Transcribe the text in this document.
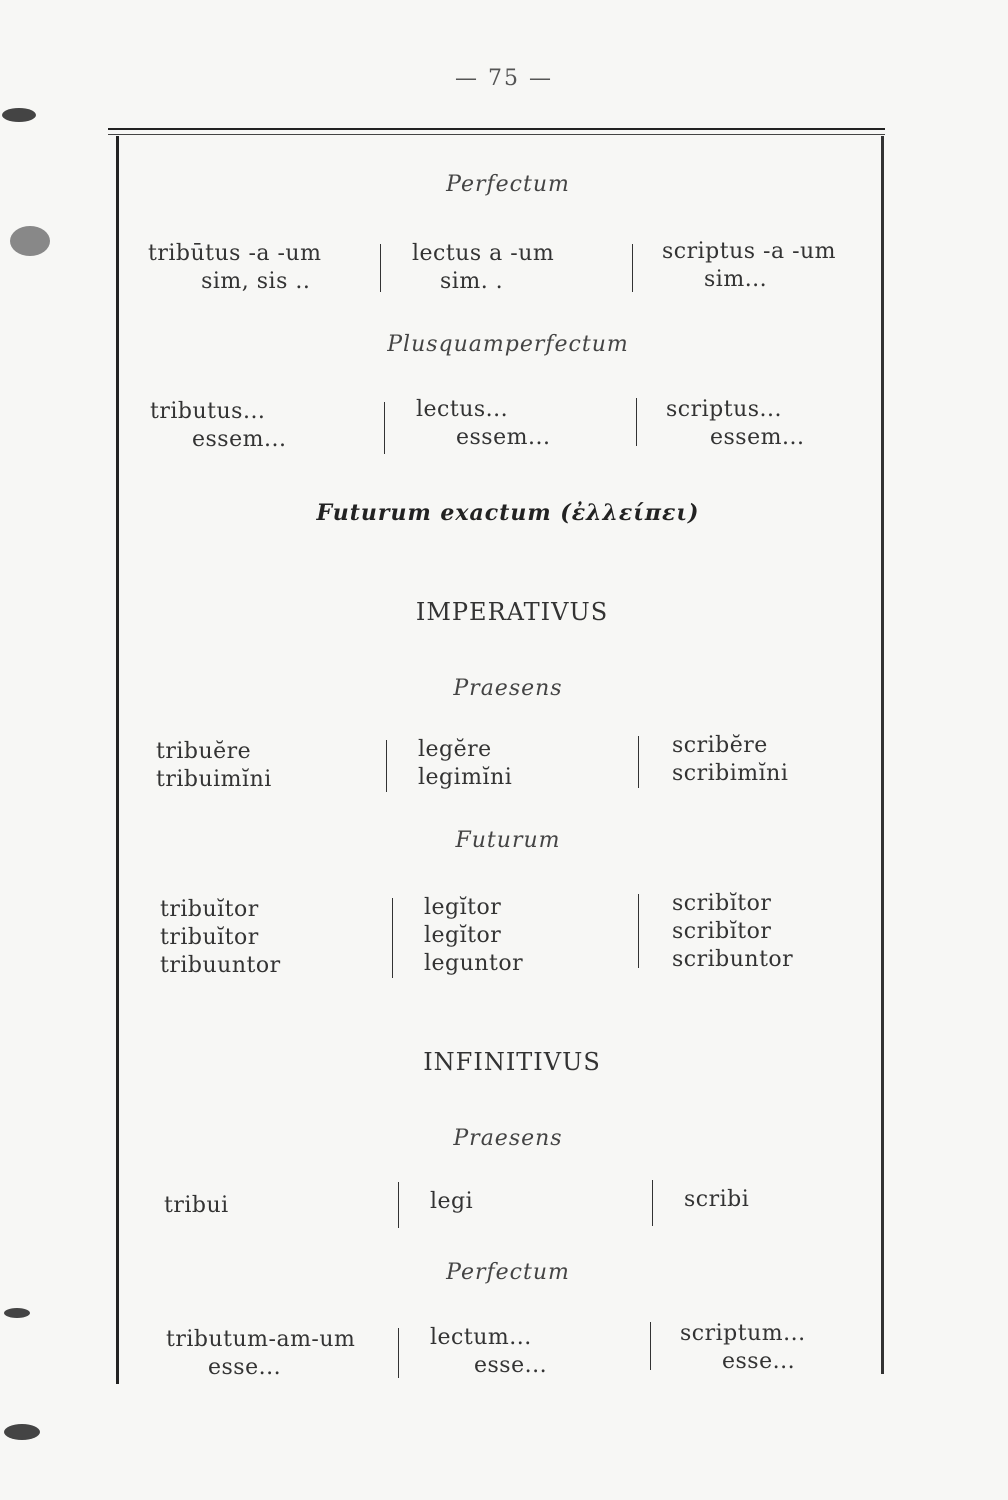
— 75 —
Perfectum
tribūtus -a -um
sim, sis ..
lectus a -um
sim. .
scriptus -a -um
sim...
Plusquamperfectum
tributus...
essem...
lectus...
essem...
scriptus...
essem...
Futurum exactum (ἐλλείπει)
IMPERATIVUS
Praesens
tribuĕre
tribuimĭni
legĕre
legimĭni
scribĕre
scribimĭni
Futurum
tribuĭtor
tribuĭtor
tribuuntor
legĭtor
legĭtor
leguntor
scribĭtor
scribĭtor
scribuntor
INFINITIVUS
Praesens
tribui	legi	scribi
Perfectum
tributum-am-um
esse...
lectum...
esse...
scriptum...
esse...
